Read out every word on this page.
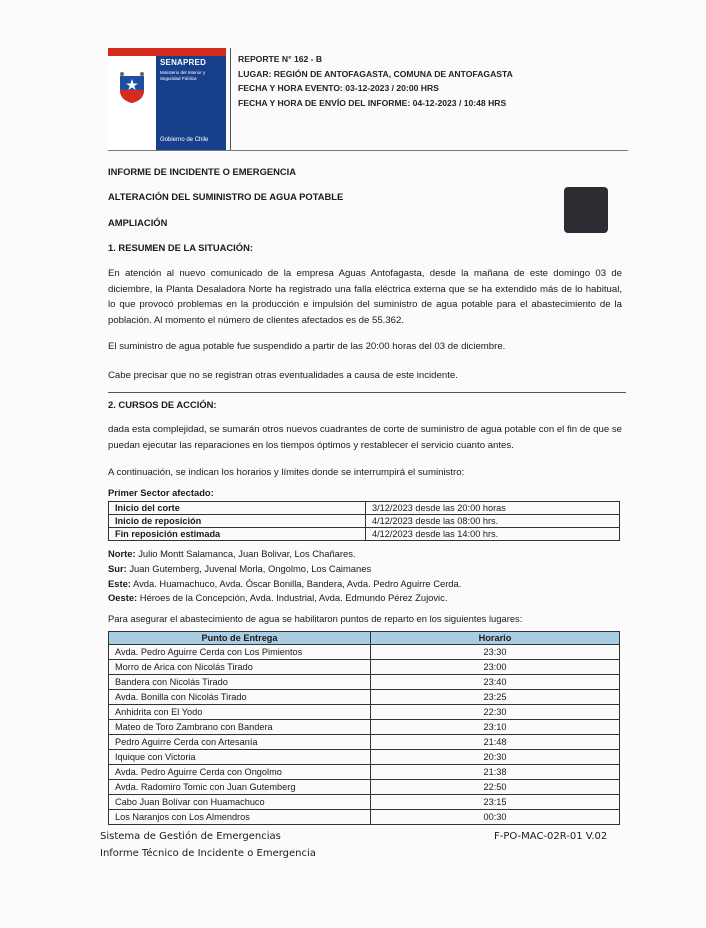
SENAPRED
Ministerio del Interior y Seguridad Pública
Gobierno de Chile
REPORTE N° 162 - B
LUGAR: REGIÓN DE ANTOFAGASTA, COMUNA DE ANTOFAGASTA
FECHA Y HORA EVENTO: 03-12-2023 / 20:00 HRS
FECHA Y HORA DE ENVÍO DEL INFORME: 04-12-2023 / 10:48 HRS
INFORME DE INCIDENTE O EMERGENCIA
ALTERACIÓN DEL SUMINISTRO DE AGUA POTABLE
AMPLIACIÓN
1. RESUMEN DE LA SITUACIÓN:
En atención al nuevo comunicado de la empresa Aguas Antofagasta, desde la mañana de este domingo 03 de diciembre, la Planta Desaladora Norte ha registrado una falla eléctrica externa que se ha extendido más de lo habitual, lo que provocó problemas en la producción e impulsión del suministro de agua potable para el abastecimiento de la población. Al momento el número de clientes afectados es de 55.362.
El suministro de agua potable fue suspendido a partir de las 20:00 horas del 03 de diciembre.
Cabe precisar que no se registran otras eventualidades a causa de este incidente.
2. CURSOS DE ACCIÓN:
dada esta complejidad, se sumarán otros nuevos cuadrantes de corte de suministro de agua potable con el fin de que se puedan ejecutar las reparaciones en los tiempos óptimos y restablecer el servicio cuanto antes.
A continuación, se indican los horarios y límites donde se interrumpirá el suministro:
Primer Sector afectado:
Inicio del corte	3/12/2023 desde las 20:00 horas
Inicio de reposición	4/12/2023 desde las 08:00 hrs.
Fin reposición estimada	4/12/2023 desde las 14:00 hrs.
Norte: Julio Montt Salamanca, Juan Bolivar, Los Chañares.
Sur: Juan Gutemberg, Juvenal Morla, Ongolmo, Los Caimanes
Este: Avda. Huamachuco, Avda. Óscar Bonilla, Bandera, Avda. Pedro Aguirre Cerda.
Oeste: Héroes de la Concepción, Avda. Industrial, Avda. Edmundo Pérez Zujovic.
Para asegurar el abastecimiento de agua se habilitaron puntos de reparto en los siguientes lugares:
Punto de Entrega	Horario
Avda. Pedro Aguirre Cerda con Los Pimientos	23:30
Morro de Arica con Nicolás Tirado	23:00
Bandera con Nicolás Tirado	23:40
Avda. Bonilla con Nicolás Tirado	23:25
Anhidrita con El Yodo	22:30
Mateo de Toro Zambrano con Bandera	23:10
Pedro Aguirre Cerda con Artesanía	21:48
Iquique con Victoria	20:30
Avda. Pedro Aguirre Cerda con Ongolmo	21:38
Avda. Radomiro Tomic con Juan Gutemberg	22:50
Cabo Juan Bolívar con Huamachuco	23:15
Los Naranjos con Los Almendros	00:30
Sistema de Gestión de Emergencias
Informe Técnico de Incidente o Emergencia
F-PO-MAC-02R-01 V.02
